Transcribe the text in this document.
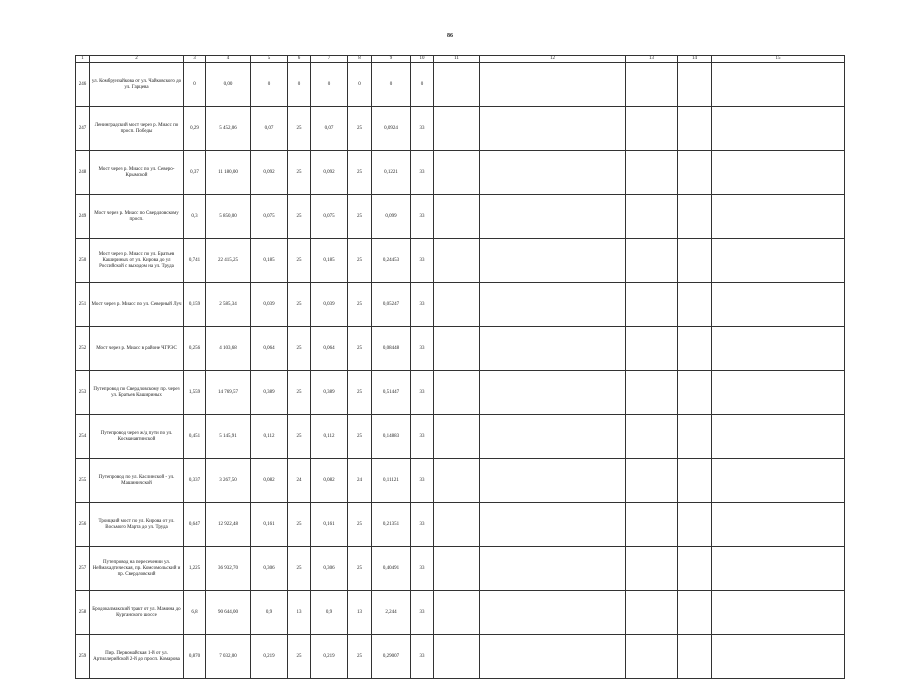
86
1	2	3	4	5	6	7	8	9	10	11	12	13	14	15
246	ул. Комбрунзайкова от ул. Чайковского до ул. Гарцева	0	0,00	0	0	0	0	0	0					
247	Ленинградский мост через р. Миасс по просп. Победы	0,29	5 452,06	0,07	25	0,07	25	0,0924	33					
248	Мост через р. Миасс по ул. Северо-Крымской	0,37	11 180,00	0,092	25	0,092	25	0,1221	33					
249	Мост через р. Миасс по Свердловскому просп.	0,3	5 850,00	0,075	25	0,075	25	0,099	33					
250	Мост через р. Миасс по ул. Братьев Кашириных от ул. Кирова до ул Российской с выходом на ул. Труда	0,741	22 415,25	0,185	25	0,185	25	0,24453	33					
251	Мост через р. Миасс по ул. Северный Луч	0,159	2 585,34	0,039	25	0,039	25	0,05247	33					
252	Мост через р. Миасс в районе ЧГРЭС	0,256	4 103,68	0,064	25	0,064	25	0,08448	33					
253	Путепровод по Свердловскому пр. через ул. Братьев Кашириных	1,559	14 769,57	0,389	25	0,389	25	0,51447	33					
254	Путепровод через ж/д пути по ул. Косманавтинской	0,451	5 145,91	0,112	25	0,112	25	0,14883	33					
255	Путепровод по ул. Каслинской - ул. Машиничской	0,337	3 267,50	0,082	24	0,082	24	0,11121	33					
256	Троицкий мост по ул. Кирова от ул. Восьмого Марта до ул. Труда	0,647	12 922,48	0,161	25	0,161	25	0,21351	33					
257	Путепровод на пересечении ул. Неймахадтическая, пр. Комсомольский и пр. Свердловский	1,225	36 932,70	0,306	25	0,306	25	0,40491	33					
258	Бродокалмакский тракт от ул. Мамина до Курганского шоссе	6,8	90 644,00	0,9	13	0,9	13	2,244	33					
259	Пир. Первомайская 1-й от ул. Артиллерийской 2-й до просп. Комарова	0,870	7 032,00	0,219	25	0,219	25	0,29007	33					
